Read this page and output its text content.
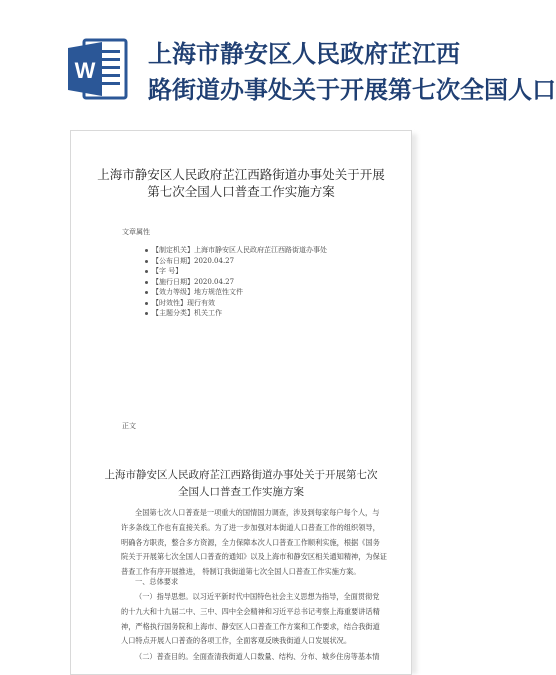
W
上海市静安区人民政府芷江西
路街道办事处关于开展第七次全国人口
上海市静安区人民政府芷江西路街道办事处关于开展
第七次全国人口普查工作实施方案
文章属性
【制定机关】上海市静安区人民政府芷江西路街道办事处
【公布日期】2020.04.27
【字 号】
【施行日期】2020.04.27
【效力等级】地方规范性文件
【时效性】现行有效
【主题分类】机关工作
正文
上海市静安区人民政府芷江西路街道办事处关于开展第七次
全国人口普查工作实施方案
全国第七次人口普查是一项重大的国情国力调查，涉及到每家每户每个人，与
许多条线工作也有直接关系。为了进一步加强对本街道人口普查工作的组织领导，
明确各方职责，整合多方资源，全力保障本次人口普查工作顺利实施，根据《国务
院关于开展第七次全国人口普查的通知》以及上海市和静安区相关通知精神，为保证
普查工作有序开展推进， 特制订我街道第七次全国人口普查工作实施方案。
一、总体要求
（一）指导思想。以习近平新时代中国特色社会主义思想为指导，全面贯彻党
的十九大和十九届二中、三中、四中全会精神和习近平总书记考察上海重要讲话精
神，严格执行国务院和上海市、静安区人口普查工作方案和工作要求，结合我街道
人口特点开展人口普查的各项工作，全面客观反映我街道人口发展状况。
（二）普查目的。全面查清我街道人口数量、结构、分布、城乡住房等基本情
